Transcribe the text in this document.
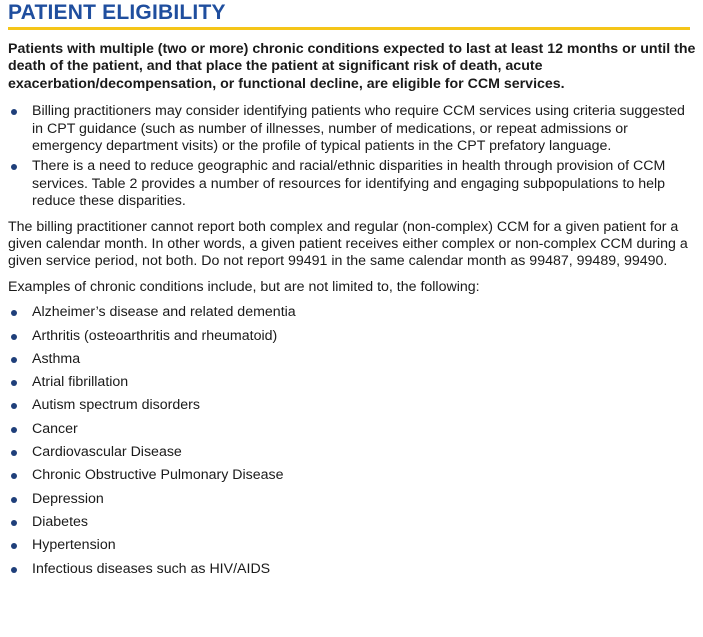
PATIENT ELIGIBILITY

Patients with multiple (two or more) chronic conditions expected to last at least 12 months or until the death of the patient, and that place the patient at significant risk of death, acute exacerbation/decompensation, or functional decline, are eligible for CCM services.

Billing practitioners may consider identifying patients who require CCM services using criteria suggested in CPT guidance (such as number of illnesses, number of medications, or repeat admissions or emergency department visits) or the profile of typical patients in the CPT prefatory language.
There is a need to reduce geographic and racial/ethnic disparities in health through provision of CCM services. Table 2 provides a number of resources for identifying and engaging subpopulations to help reduce these disparities.

The billing practitioner cannot report both complex and regular (non-complex) CCM for a given patient for a given calendar month. In other words, a given patient receives either complex or non-complex CCM during a given service period, not both. Do not report 99491 in the same calendar month as 99487, 99489, 99490.

Examples of chronic conditions include, but are not limited to, the following:

Alzheimer’s disease and related dementia
Arthritis (osteoarthritis and rheumatoid)
Asthma
Atrial fibrillation
Autism spectrum disorders
Cancer
Cardiovascular Disease
Chronic Obstructive Pulmonary Disease
Depression
Diabetes
Hypertension
Infectious diseases such as HIV/AIDS
